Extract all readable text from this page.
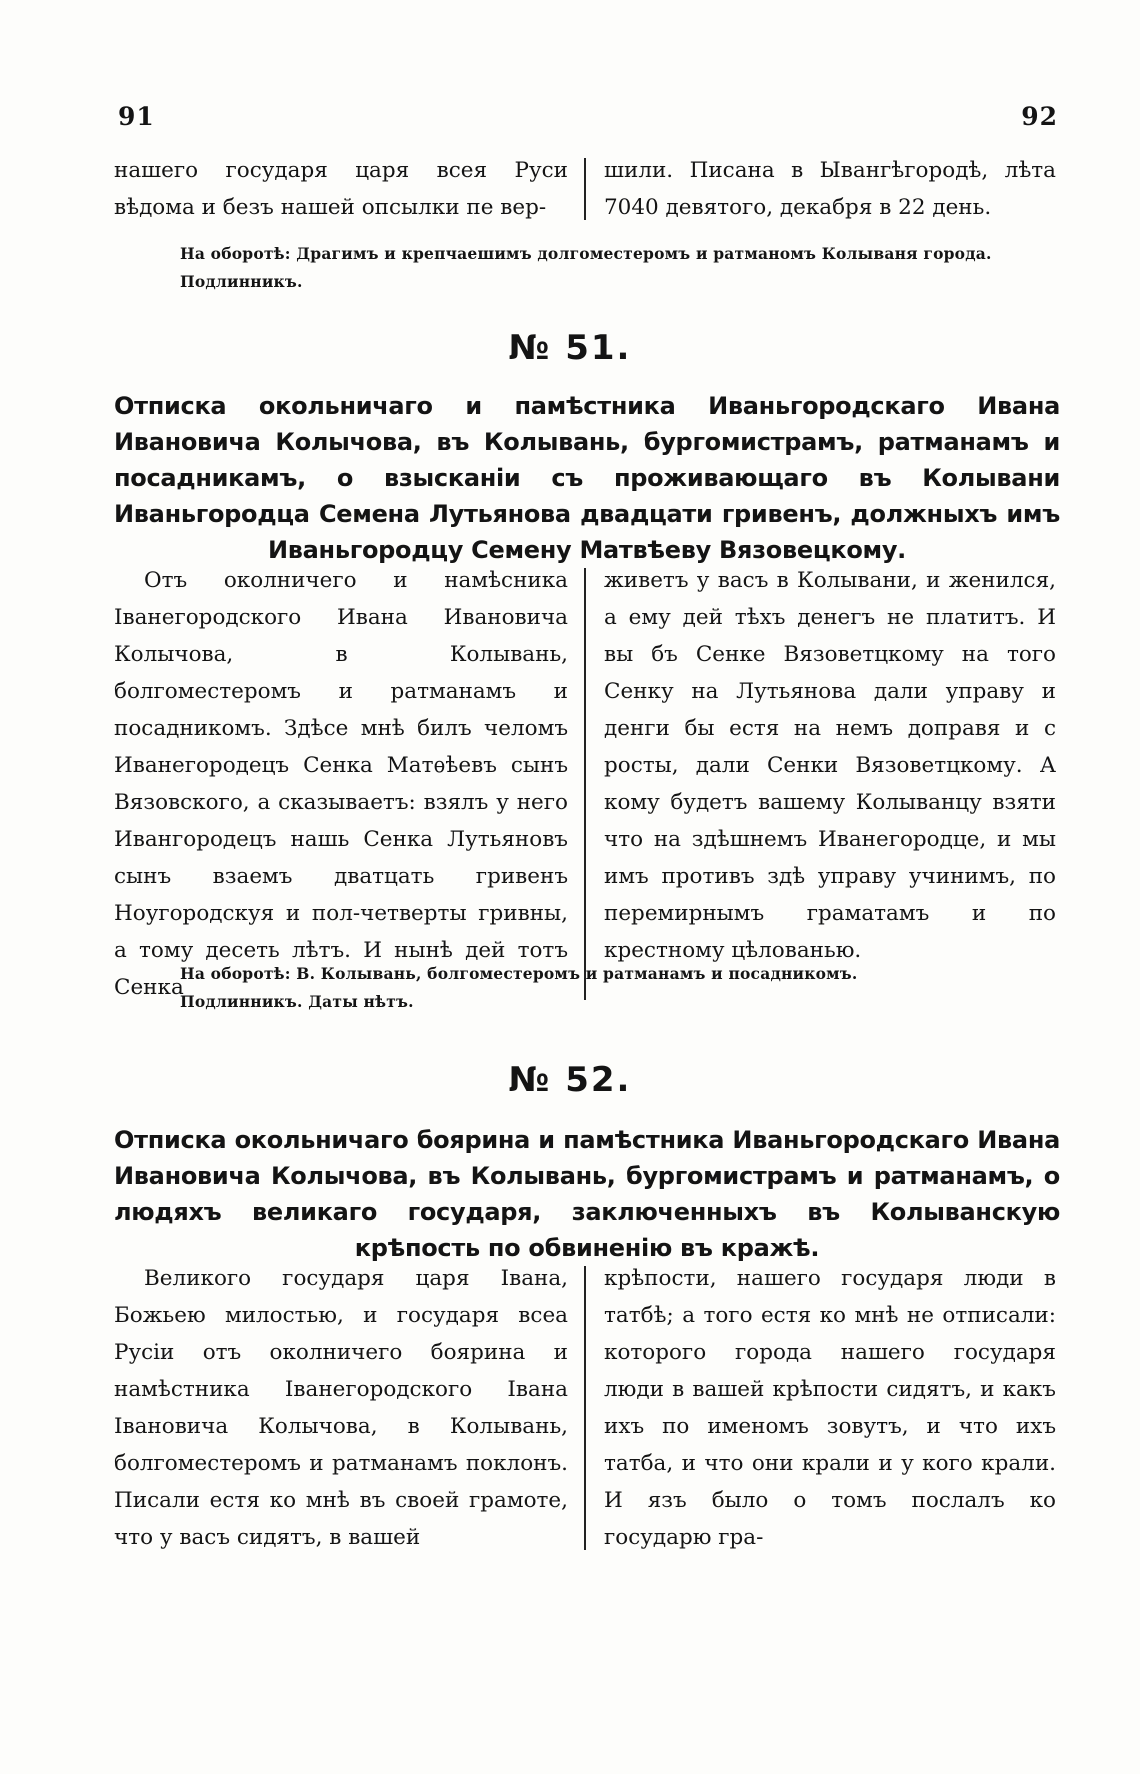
91	92

нашего государя царя всея Руси вѣдома и безъ нашей опсылки пе вер-

шили. Писана в Ывангѣгородѣ, лѣта 7040 девятого, декабря в 22 день.

На оборотѣ: Драгимъ и крепчаешимъ долгоместеромъ и ратманомъ Колываня города.
Подлинникъ.
№ 51.
Отписка окольничаго и памѣстника Иваньгородскаго Ивана Ивановича Колычова, въ Колывань, бургомистрамъ, ратманамъ и посадникамъ, о взысканіи съ проживающаго въ Колывани Иваньгородца Семена Лутьянова двадцати гривенъ, должныхъ имъ Иваньгородцу Семену Матвѣеву Вязовецкому.

Отъ околничего и намѣсника Іванегородского Ивана Ивановича Колычова, в Колывань, болгоместеромъ и ратманамъ и посадникомъ. Здѣсе мнѣ билъ челомъ Иванегородецъ Сенка Матѳѣевъ сынъ Вязовского, а сказываетъ: взялъ у него Ивангородецъ нашь Сенка Лутьяновъ сынъ взаемъ дватцать гривенъ Ноугородскуя и пол-четверты гривны, а тому десеть лѣтъ. И нынѣ дей тотъ Сенка

живетъ у васъ в Колывани, и женился, а ему дей тѣхъ денегъ не платитъ. И вы бъ Сенке Вязоветцкому на того Сенку на Лутьянова дали управу и денги бы естя на немъ доправя и с росты, дали Сенки Вязоветцкому. А кому будетъ вашему Колыванцу взяти что на здѣшнемъ Иванегородце, и мы имъ противъ здѣ управу учинимъ, по перемирнымъ граматамъ и по крестному цѣлованью.

На оборотѣ: В. Колывань, болгоместеромъ и ратманамъ и посадникомъ.
Подлинникъ. Даты нѣтъ.
№ 52.
Отписка окольничаго боярина и памѣстника Иваньгородскаго Ивана Ивановича Колычова, въ Колывань, бургомистрамъ и ратманамъ, о людяхъ великаго государя, заключенныхъ въ Колыванскую крѣпость по обвиненію въ кражѣ.

Великого государя царя Івана, Божьею милостью, и государя всеа Русіи отъ околничего боярина и намѣстника Іванегородского Івана Івановича Колычова, в Колывань, болгоместеромъ и ратманамъ поклонъ. Писали естя ко мнѣ въ своей грамоте, что у васъ сидятъ, в вашей

крѣпости, нашего государя люди в татбѣ; а того естя ко мнѣ не отписали: которого города нашего государя люди в вашей крѣпости сидятъ, и какъ ихъ по именомъ зовутъ, и что ихъ татба, и что они крали и у кого крали. И язъ было о томъ послалъ ко государю гра-
